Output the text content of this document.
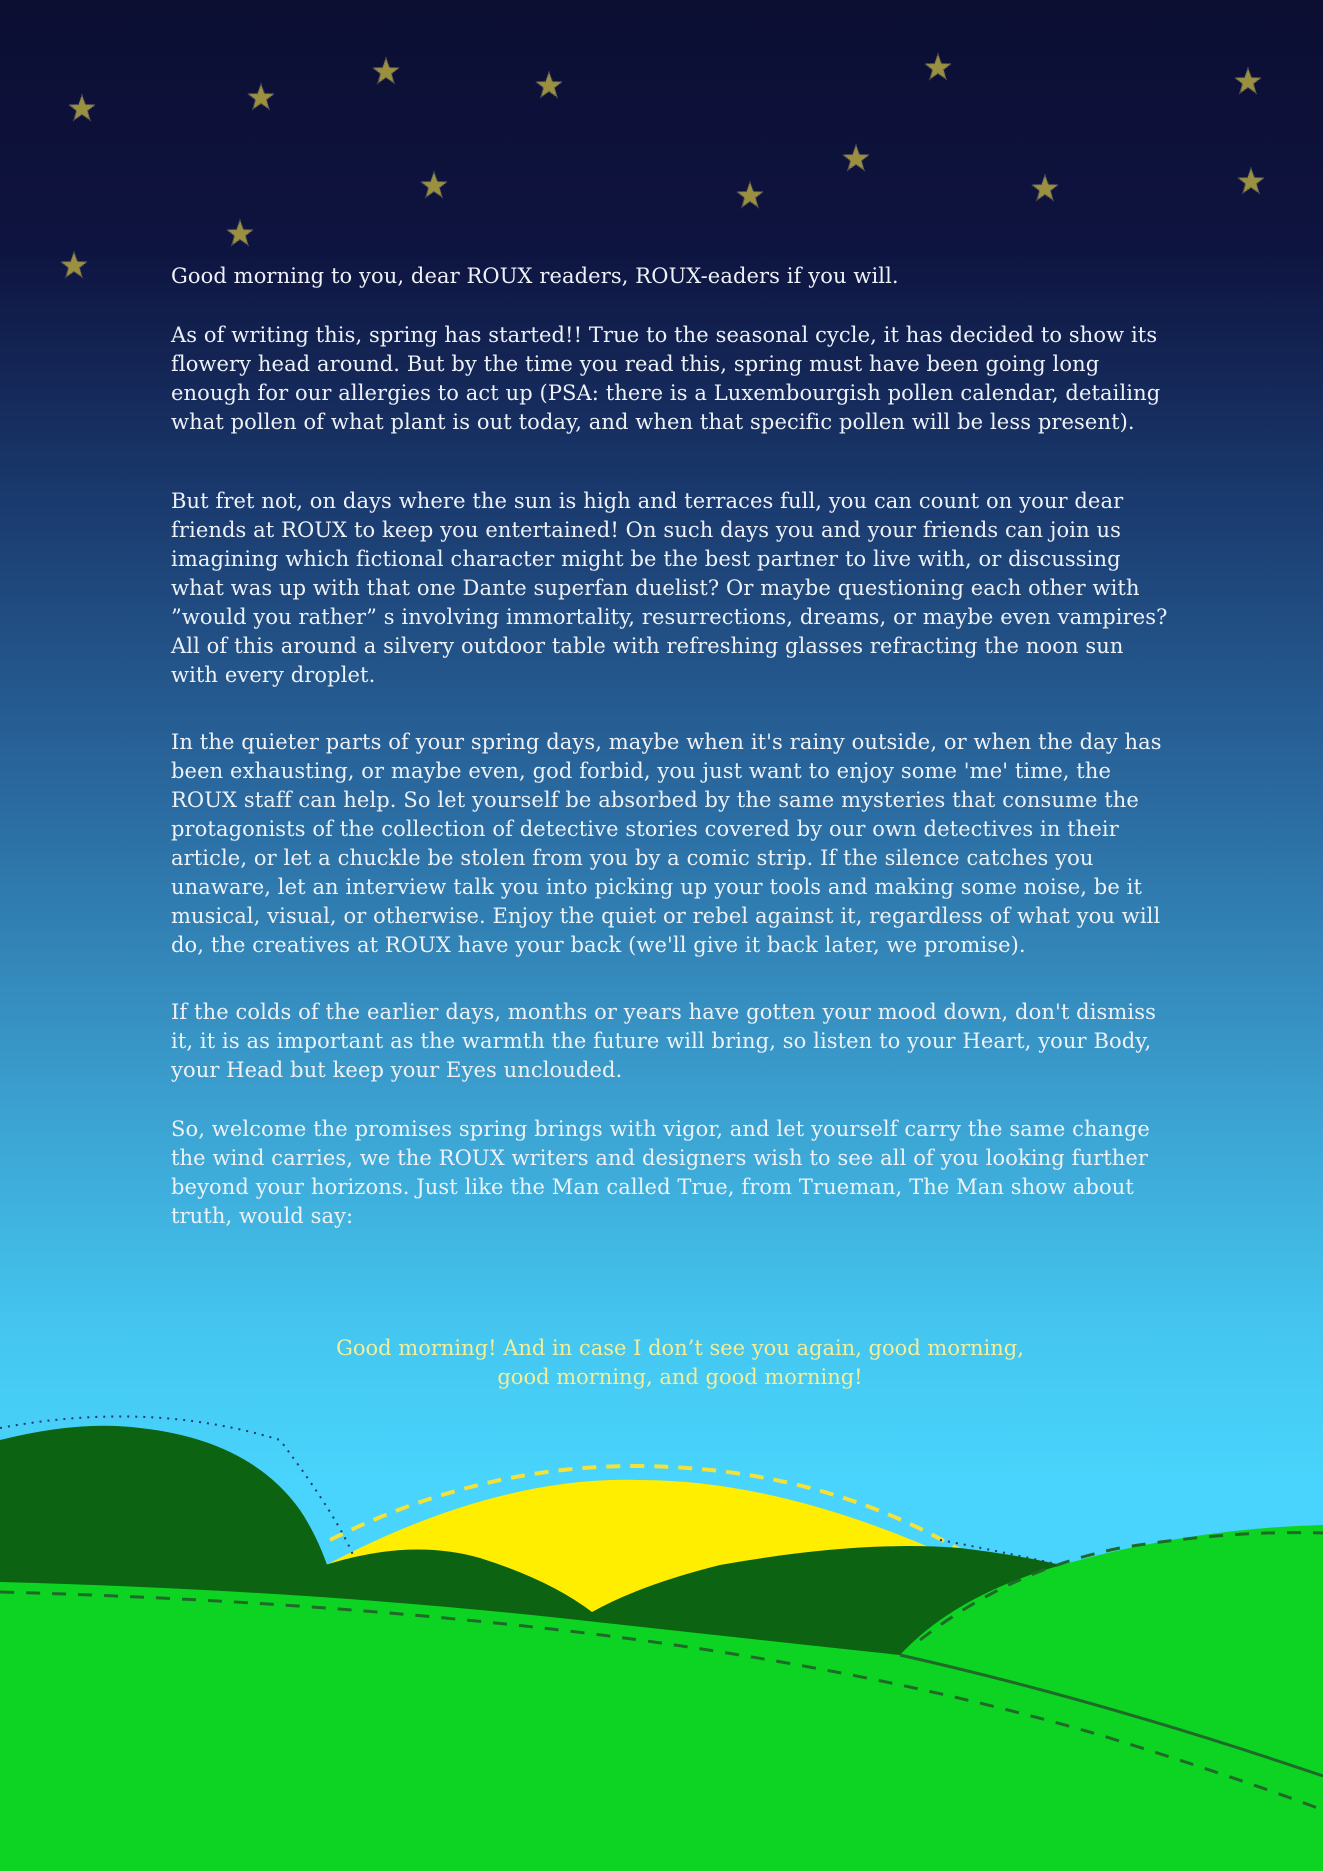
Good morning to you, dear ROUX readers, ROUX-eaders if you will.

As of writing this, spring has started!! True to the seasonal cycle, it has decided to show its flowery head around. But by the time you read this, spring must have been going long enough for our allergies to act up (PSA: there is a Luxembourgish pollen calendar, detailing what pollen of what plant is out today, and when that specific pollen will be less present).

But fret not, on days where the sun is high and terraces full, you can count on your dear friends at ROUX to keep you entertained! On such days you and your friends can join us imagining which fictional character might be the best partner to live with, or discussing what was up with that one Dante superfan duelist? Or maybe questioning each other with ”would you rather” s involving immortality, resurrections, dreams, or maybe even vampires? All of this around a silvery outdoor table with refreshing glasses refracting the noon sun with every droplet.

In the quieter parts of your spring days, maybe when it's rainy outside, or when the day has been exhausting, or maybe even, god forbid, you just want to enjoy some 'me' time, the ROUX staff can help. So let yourself be absorbed by the same mysteries that consume the protagonists of the collection of detective stories covered by our own detectives in their article, or let a chuckle be stolen from you by a comic strip. If the silence catches you unaware, let an interview talk you into picking up your tools and making some noise, be it musical, visual, or otherwise. Enjoy the quiet or rebel against it, regardless of what you will do, the creatives at ROUX have your back (we'll give it back later, we promise).

If the colds of the earlier days, months or years have gotten your mood down, don't dismiss it, it is as important as the warmth the future will bring, so listen to your Heart, your Body, your Head but keep your Eyes unclouded.

So, welcome the promises spring brings with vigor, and let yourself carry the same change the wind carries, we the ROUX writers and designers wish to see all of you looking further beyond your horizons. Just like the Man called True, from Trueman, The Man show about truth, would say:

Good morning! And in case I don’t see you again, good morning, good morning, and good morning!
